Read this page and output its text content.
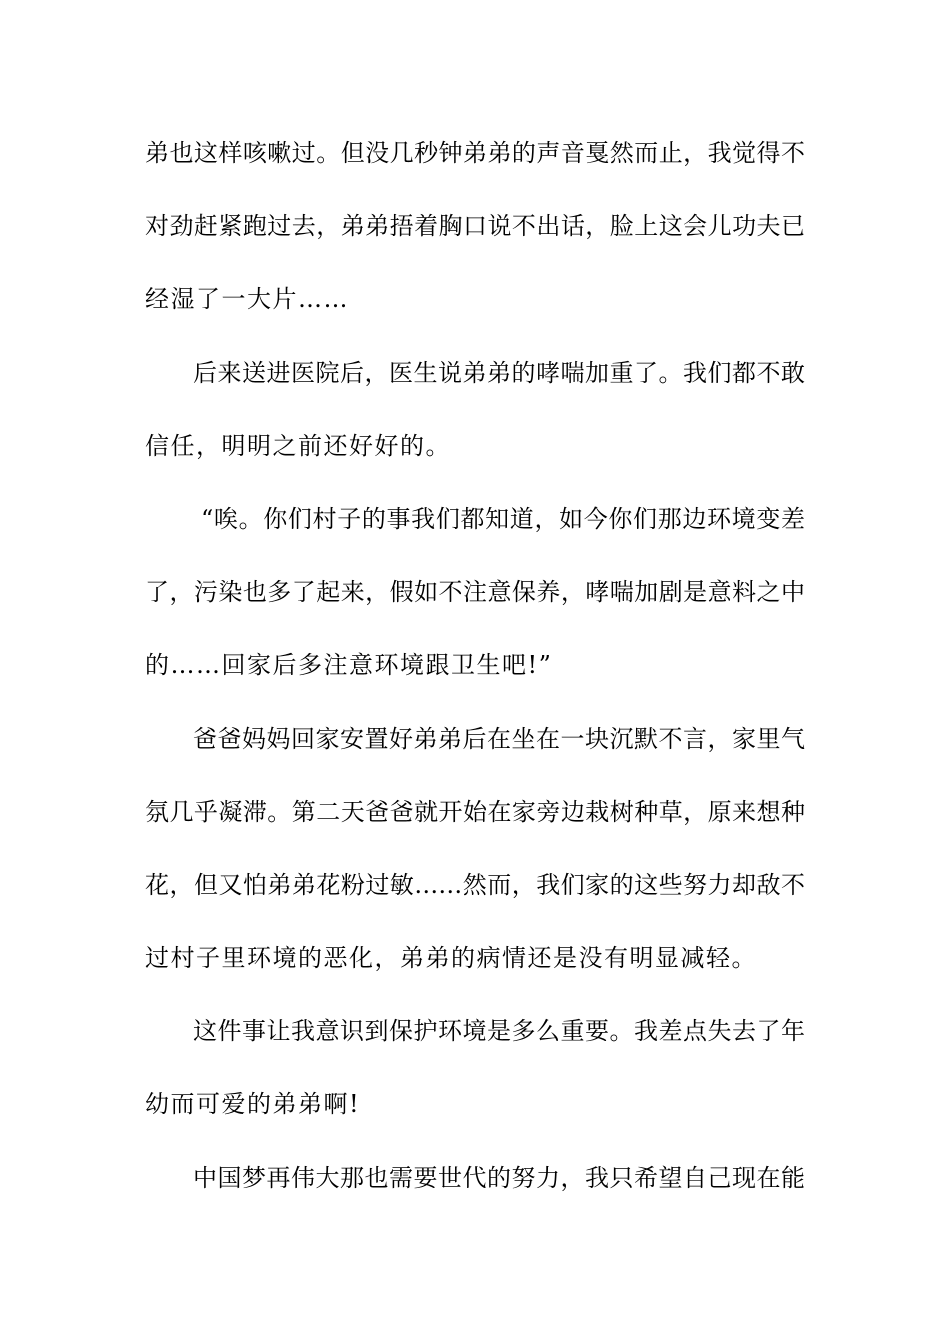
弟也这样咳嗽过。但没几秒钟弟弟的声音戛然而止，我觉得不
对劲赶紧跑过去，弟弟捂着胸口说不出话，脸上这会儿功夫已
经湿了一大片……
后来送进医院后，医生说弟弟的哮喘加重了。我们都不敢
信任，明明之前还好好的。
“唉。你们村子的事我们都知道，如今你们那边环境变差
了，污染也多了起来，假如不注意保养，哮喘加剧是意料之中
的……回家后多注意环境跟卫生吧!”
爸爸妈妈回家安置好弟弟后在坐在一块沉默不言，家里气
氛几乎凝滞。第二天爸爸就开始在家旁边栽树种草，原来想种
花，但又怕弟弟花粉过敏……然而，我们家的这些努力却敌不
过村子里环境的恶化，弟弟的病情还是没有明显减轻。
这件事让我意识到保护环境是多么重要。我差点失去了年
幼而可爱的弟弟啊!
中国梦再伟大那也需要世代的努力，我只希望自己现在能
